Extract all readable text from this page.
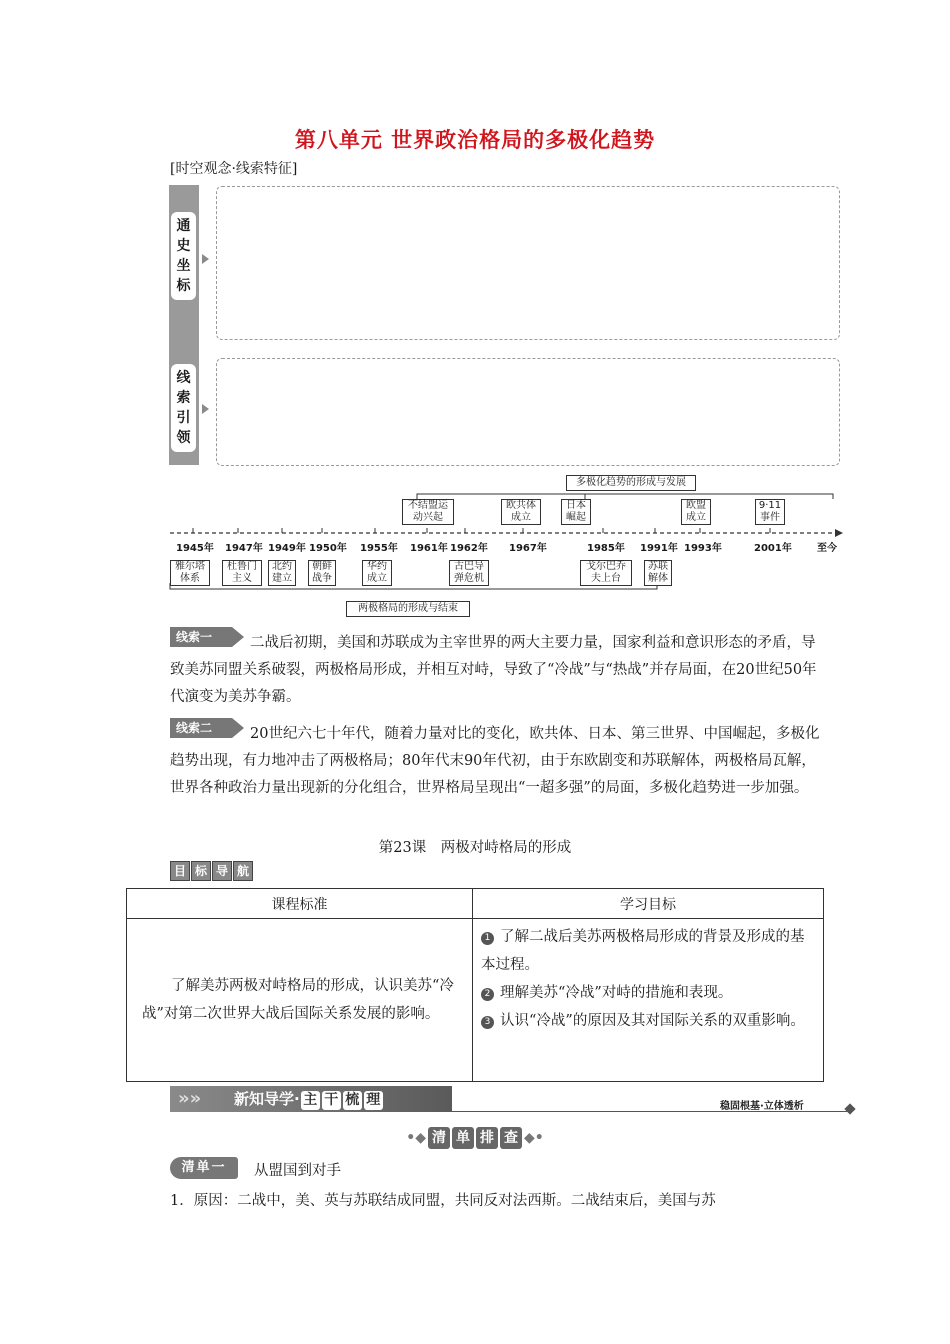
第八单元 世界政治格局的多极化趋势
[时空观念·线索特征]
通
史
坐
标
线
索
引
领
多极化趋势的形成与发展
两极格局的形成与结束
不结盟运
动兴起
欧共体
成立
日本
崛起
欧盟
成立
9·11
事件
1945年 1947年 1949年 1950年 1955年 1961年 1962年 1967年	1985年 1991年 1993年	2001年	至今
雅尔塔
体系
杜鲁门
主义
北约
建立
朝鲜
战争
华约
成立
古巴导
弹危机
戈尔巴乔
夫上台
苏联
解体
线索一	二战后初期，美国和苏联成为主宰世界的两大主要力量，国家利益和意识形态的矛盾，导致美苏同盟关系破裂，两极格局形成，并相互对峙，导致了“冷战”与“热战”并存局面，在20世纪50年代演变为美苏争霸。
线索二	20世纪六七十年代，随着力量对比的变化，欧共体、日本、第三世界、中国崛起，多极化趋势出现，有力地冲击了两极格局；80年代末90年代初，由于东欧剧变和苏联解体，两极格局瓦解，世界各种政治力量出现新的分化组合，世界格局呈现出“一超多强”的局面，多极化趋势进一步加强。
第23课　两极对峙格局的形成
目 标 导 航
课程标准	学习目标
了解美苏两极对峙格局的形成，认识美苏“冷战”对第二次世界大战后国际关系发展的影响。	1 了解二战后美苏两极格局形成的背景及形成的基本过程。
2 理解美苏“冷战”对峙的措施和表现。
3 认识“冷战”的原因及其对国际关系的双重影响。
»» 新知导学· 主 干 梳 理	稳固根基·立体透析
•◆ 清 单 排 查 ◆•
清单一	从盟国到对手
1．原因：二战中，美、英与苏联结成同盟，共同反对法西斯。二战结束后，美国与苏
